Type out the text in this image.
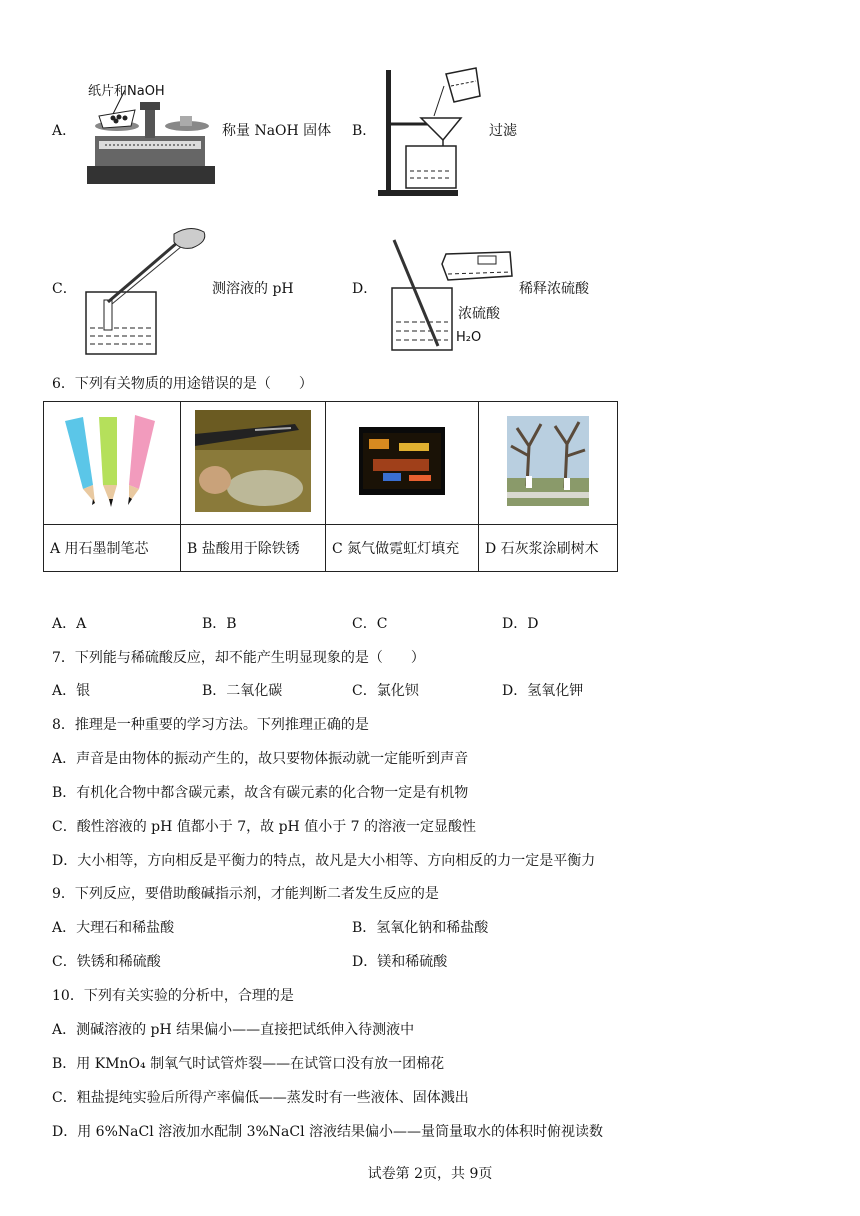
A．
纸片和NaOH
称量 NaOH 固体 B．	过滤
C．	测溶液的 pH	D．
浓硫酸
H₂O
稀释浓硫酸
6．下列有关物质的用途错误的是（　　）

A 用石墨制笔芯	B 盐酸用于除铁锈	C 氮气做霓虹灯填充	D 石灰浆涂刷树木
A．A	B．B	C．C	D．D
7．下列能与稀硫酸反应，却不能产生明显现象的是（　　）
A．银	B．二氧化碳	C．氯化钡	D．氢氧化钾
8．推理是一种重要的学习方法。下列推理正确的是
A．声音是由物体的振动产生的，故只要物体振动就一定能听到声音
B．有机化合物中都含碳元素，故含有碳元素的化合物一定是有机物
C．酸性溶液的 pH 值都小于 7，故 pH 值小于 7 的溶液一定显酸性
D．大小相等，方向相反是平衡力的特点，故凡是大小相等、方向相反的力一定是平衡力
9．下列反应，要借助酸碱指示剂，才能判断二者发生反应的是
A．大理石和稀盐酸	B．氢氧化钠和稀盐酸
C．铁锈和稀硫酸	D．镁和稀硫酸
10．下列有关实验的分析中，合理的是
A．测碱溶液的 pH 结果偏小——直接把试纸伸入待测液中
B．用 KMnO₄ 制氧气时试管炸裂——在试管口没有放一团棉花
C．粗盐提纯实验后所得产率偏低——蒸发时有一些液体、固体溅出
D．用 6%NaCl 溶液加水配制 3%NaCl 溶液结果偏小——量筒量取水的体积时俯视读数
试卷第 2页，共 9页
